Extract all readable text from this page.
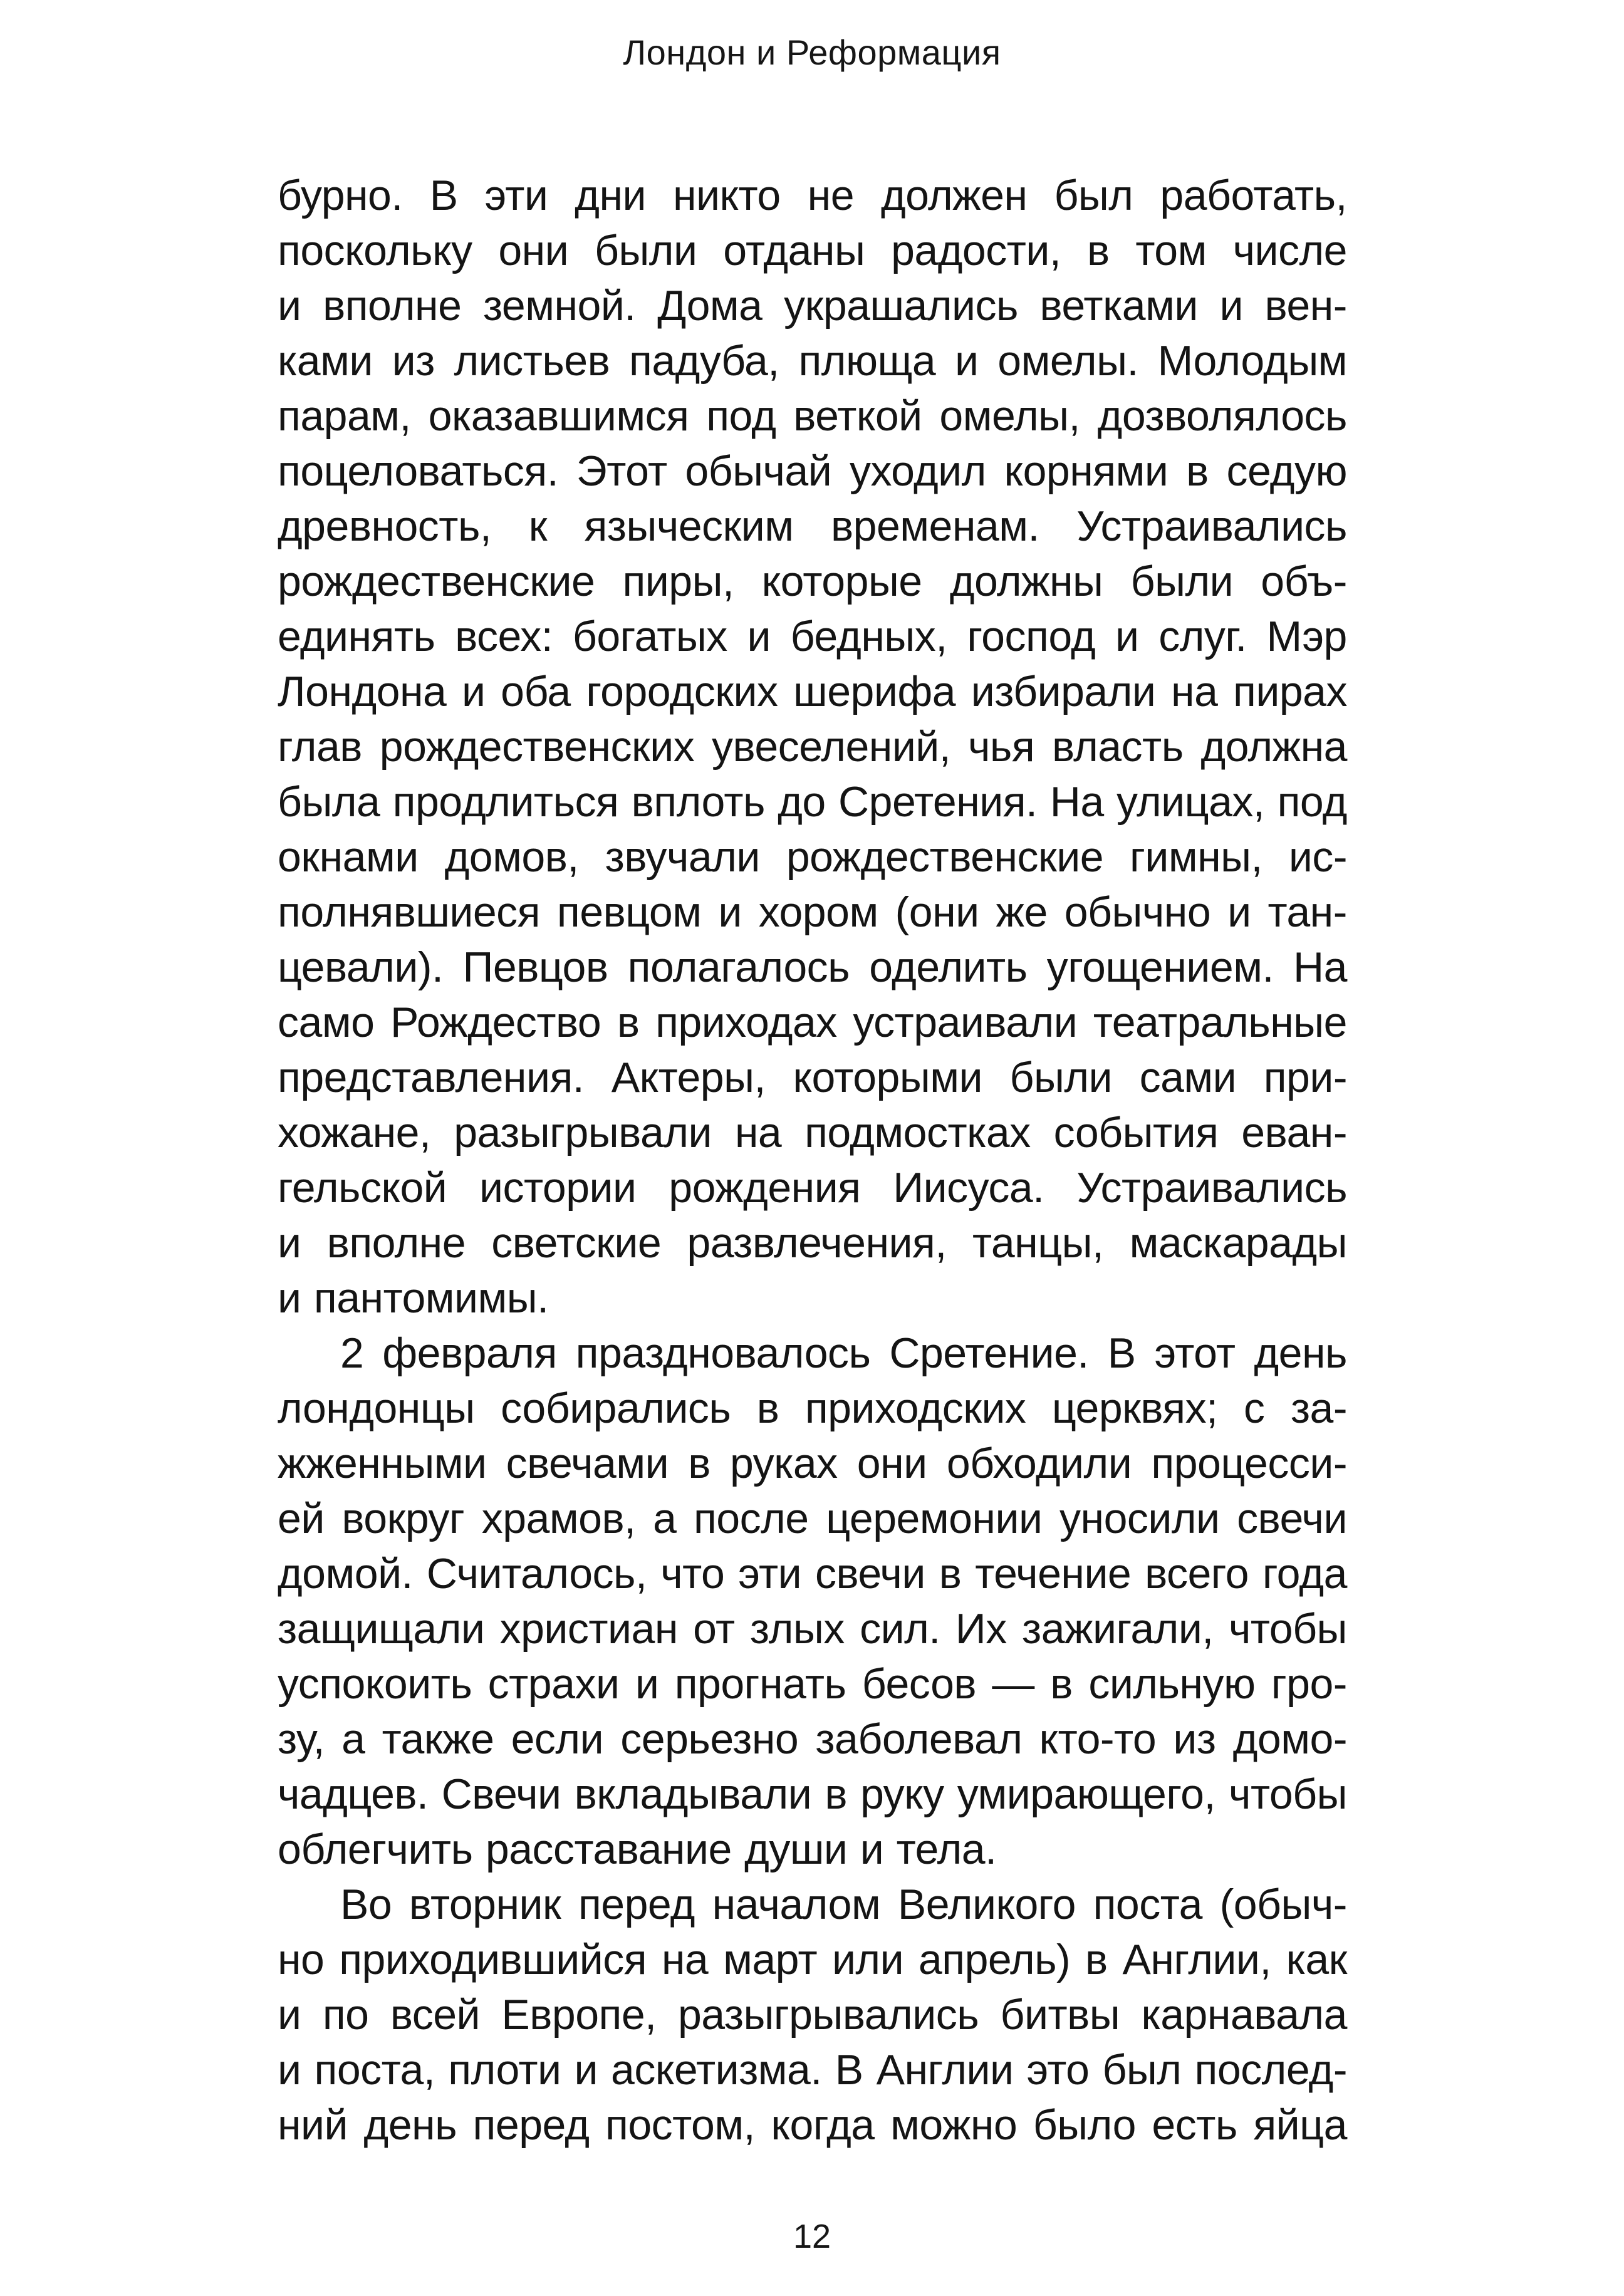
Лондон и Реформация
бурно. В эти дни никто не должен был работать,
поскольку они были отданы радости, в том числе
и вполне земной. Дома украшались ветками и вен-
ками из листьев падуба, плюща и омелы. Молодым
парам, оказавшимся под веткой омелы, дозволялось
поцеловаться. Этот обычай уходил корнями в седую
древность, к языческим временам. Устраивались
рождественские пиры, которые должны были объ-
единять всех: богатых и бедных, господ и слуг. Мэр
Лондона и оба городских шерифа избирали на пирах
глав рождественских увеселений, чья власть должна
была продлиться вплоть до Сретения. На улицах, под
окнами домов, звучали рождественские гимны, ис-
полнявшиеся певцом и хором (они же обычно и тан-
цевали). Певцов полагалось оделить угощением. На
само Рождество в приходах устраивали театральные
представления. Актеры, которыми были сами при-
хожане, разыгрывали на подмостках события еван-
гельской истории рождения Иисуса. Устраивались
и вполне светские развлечения, танцы, маскарады
и пантомимы.
2 февраля праздновалось Сретение. В этот день
лондонцы собирались в приходских церквях; с за-
жженными свечами в руках они обходили процесси-
ей вокруг храмов, а после церемонии уносили свечи
домой. Считалось, что эти свечи в течение всего года
защищали христиан от злых сил. Их зажигали, чтобы
успокоить страхи и прогнать бесов — в сильную гро-
зу, а также если серьезно заболевал кто-то из домо-
чадцев. Свечи вкладывали в руку умирающего, чтобы
облегчить расставание души и тела.
Во вторник перед началом Великого поста (обыч-
но приходившийся на март или апрель) в Англии, как
и по всей Европе, разыгрывались битвы карнавала
и поста, плоти и аскетизма. В Англии это был послед-
ний день перед постом, когда можно было есть яйца
12
